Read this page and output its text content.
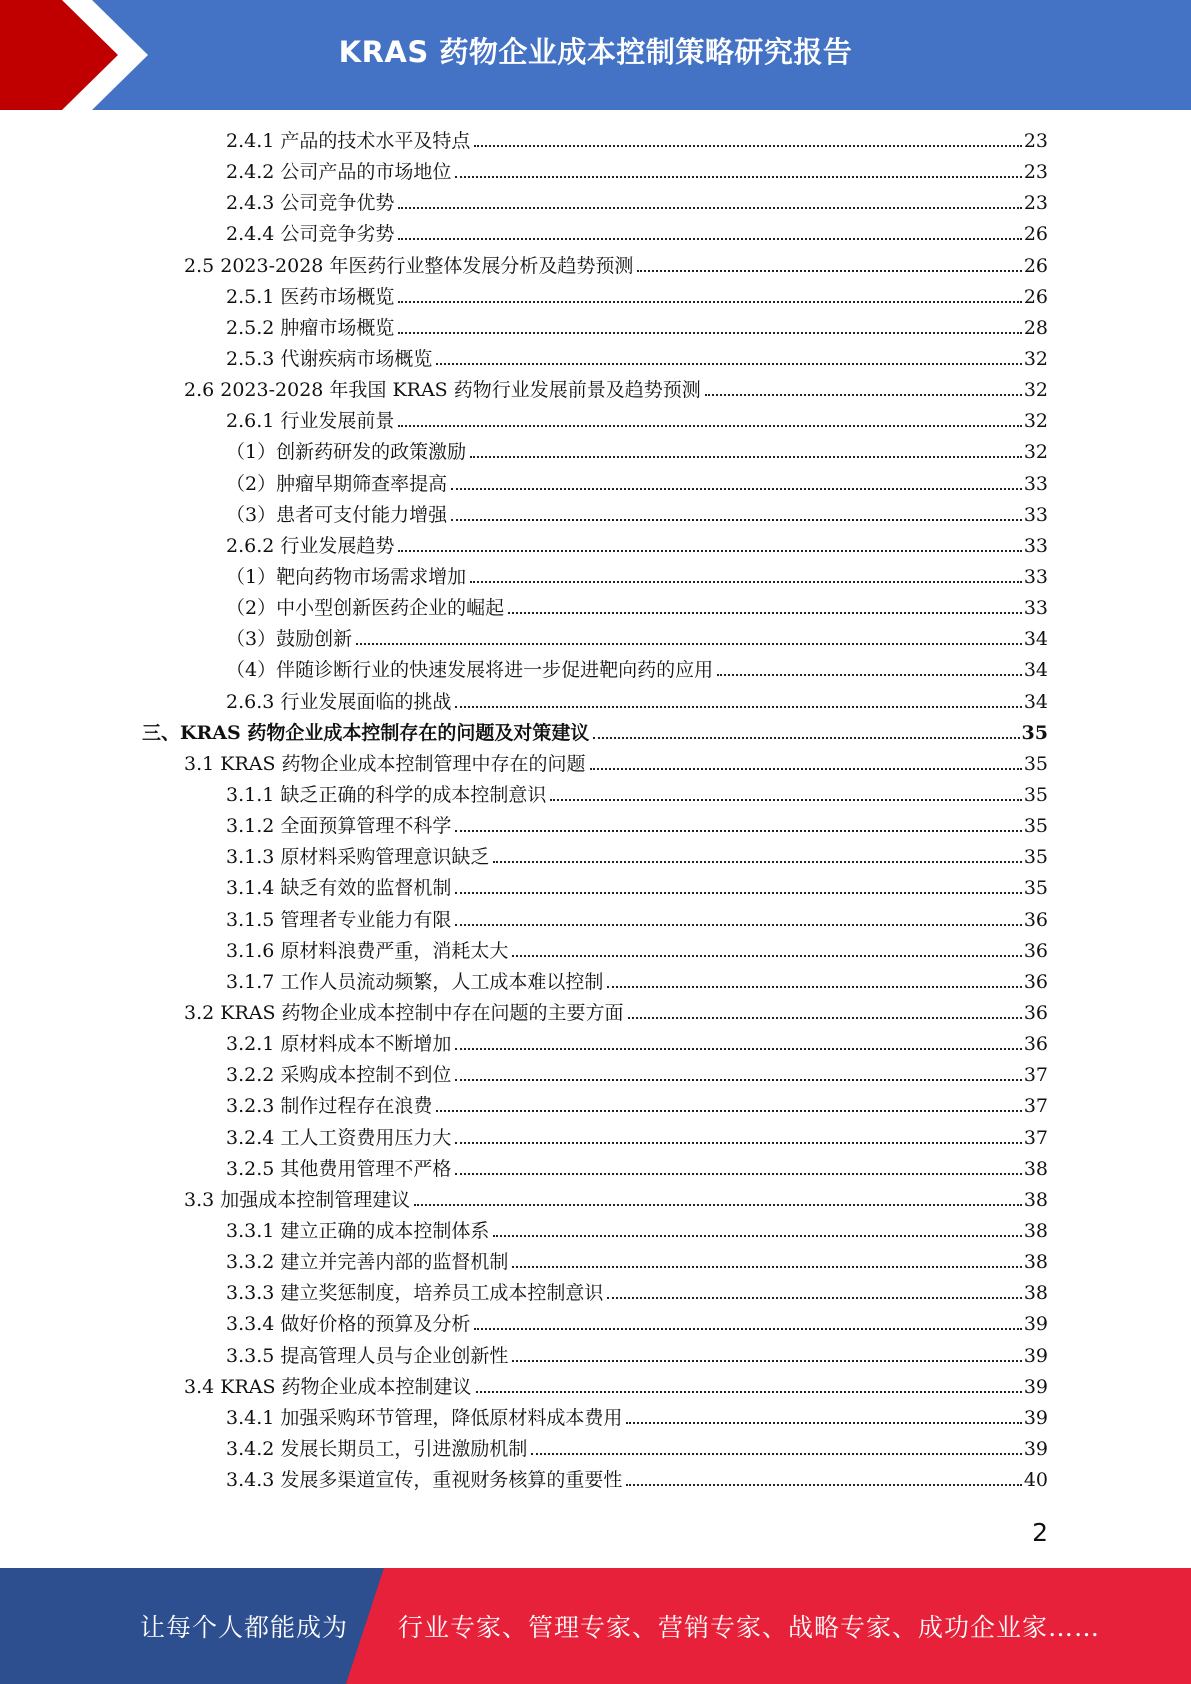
KRAS 药物企业成本控制策略研究报告
2.4.1 产品的技术水平及特点	23
2.4.2 公司产品的市场地位	23
2.4.3 公司竞争优势	23
2.4.4 公司竞争劣势	26
2.5 2023-2028 年医药行业整体发展分析及趋势预测	26
2.5.1 医药市场概览	26
2.5.2 肿瘤市场概览	28
2.5.3 代谢疾病市场概览	32
2.6 2023-2028 年我国 KRAS 药物行业发展前景及趋势预测	32
2.6.1 行业发展前景	32
（1）创新药研发的政策激励	32
（2）肿瘤早期筛查率提高	33
（3）患者可支付能力增强	33
2.6.2 行业发展趋势	33
（1）靶向药物市场需求增加	33
（2）中小型创新医药企业的崛起	33
（3）鼓励创新	34
（4）伴随诊断行业的快速发展将进一步促进靶向药的应用	34
2.6.3 行业发展面临的挑战	34
三、KRAS 药物企业成本控制存在的问题及对策建议	35
3.1 KRAS 药物企业成本控制管理中存在的问题	35
3.1.1 缺乏正确的科学的成本控制意识	35
3.1.2 全面预算管理不科学	35
3.1.3 原材料采购管理意识缺乏	35
3.1.4 缺乏有效的监督机制	35
3.1.5 管理者专业能力有限	36
3.1.6 原材料浪费严重，消耗太大	36
3.1.7 工作人员流动频繁，人工成本难以控制	36
3.2 KRAS 药物企业成本控制中存在问题的主要方面	36
3.2.1 原材料成本不断增加	36
3.2.2 采购成本控制不到位	37
3.2.3 制作过程存在浪费	37
3.2.4 工人工资费用压力大	37
3.2.5 其他费用管理不严格	38
3.3 加强成本控制管理建议	38
3.3.1 建立正确的成本控制体系	38
3.3.2 建立并完善内部的监督机制	38
3.3.3 建立奖惩制度，培养员工成本控制意识	38
3.3.4 做好价格的预算及分析	39
3.3.5 提高管理人员与企业创新性	39
3.4 KRAS 药物企业成本控制建议	39
3.4.1 加强采购环节管理，降低原材料成本费用	39
3.4.2 发展长期员工，引进激励机制	39
3.4.3 发展多渠道宣传，重视财务核算的重要性	40
2
让每个人都能成为 行业专家、管理专家、营销专家、战略专家、成功企业家……
